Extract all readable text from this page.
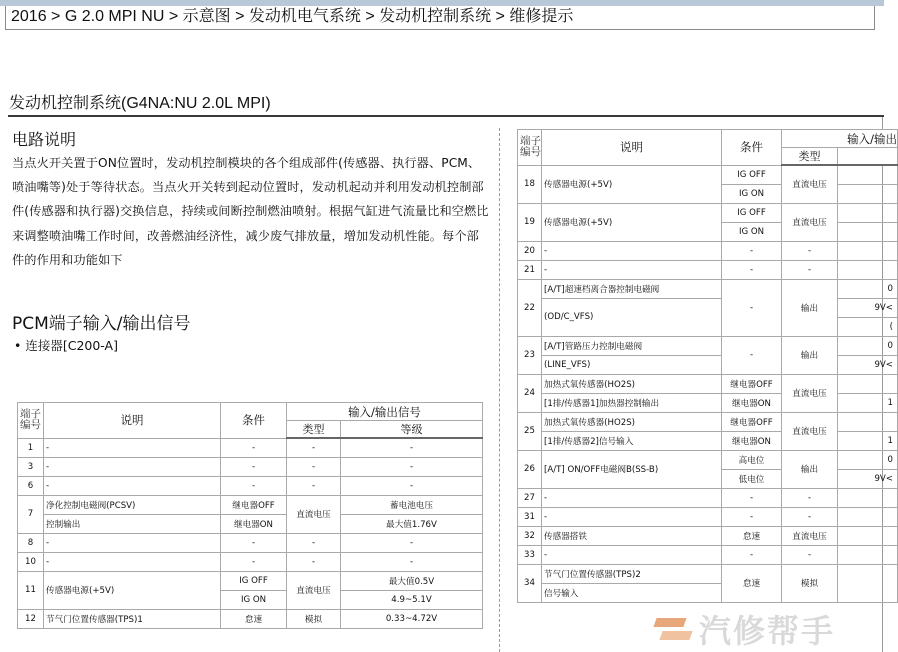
2016 > G 2.0 MPI NU > 示意图 > 发动机电气系统 > 发动机控制系统 > 维修提示
发动机控制系统(G4NA:NU 2.0L MPI)
电路说明
当点火开关置于ON位置时，发动机控制模块的各个组成部件(传感器、执行器、PCM、喷油嘴等)处于等待状态。当点火开关转到起动位置时，发动机起动并利用发动机控制部件(传感器和执行器)交换信息，持续或间断控制燃油喷射。根据气缸进气流量比和空燃比来调整喷油嘴工作时间，改善燃油经济性，减少废气排放量，增加发动机性能。每个部件的作用和功能如下
PCM端子输入/输出信号
• 连接器[C200-A]
端子
编号	说明	条件	输入/输出信号	
			类型	等级
1	-	-	-	-
3	-	-	-	-
6	-	-	-	-
7	净化控制电磁阀(PCSV)	继电器OFF	直流电压	蓄电池电压
	控制输出	继电器ON		最大值1.76V
8	-	-	-	-
10	-	-	-	-
11	传感器电源(+5V)	IG OFF	直流电压	最大值0.5V
		IG ON		4.9~5.1V
12	节气门位置传感器(TPS)1	怠速	模拟	0.33~4.72V
端子
编号	说明	条件	输入/输出	
			类型	
18	传感器电源(+5V)	IG OFF	直流电压	
		IG ON		
19	传感器电源(+5V)	IG OFF	直流电压	
		IG ON		
20	-	-	-	
21	-	-	-	
22	[A/T]超速档离合器控制电磁阀	-	输出	0
	(OD/C_VFS)			9V<
				(
23	[A/T]管路压力控制电磁阀	-	输出	0
	(LINE_VFS)			9V<
24	加热式氧传感器(HO2S)	继电器OFF	直流电压	
	[1排/传感器1]加热器控制输出	继电器ON		1
25	加热式氧传感器(HO2S)	继电器OFF	直流电压	
	[1排/传感器2]信号输入	继电器ON		1
26	[A/T] ON/OFF电磁阀B(SS-B)	高电位	输出	0
		低电位		9V<
27	-	-	-	
31	-	-	-	
32	传感器搭铁	怠速	直流电压	
33	-	-	-	
34	节气门位置传感器(TPS)2	怠速	模拟	
	信号输入			
汽修帮手
